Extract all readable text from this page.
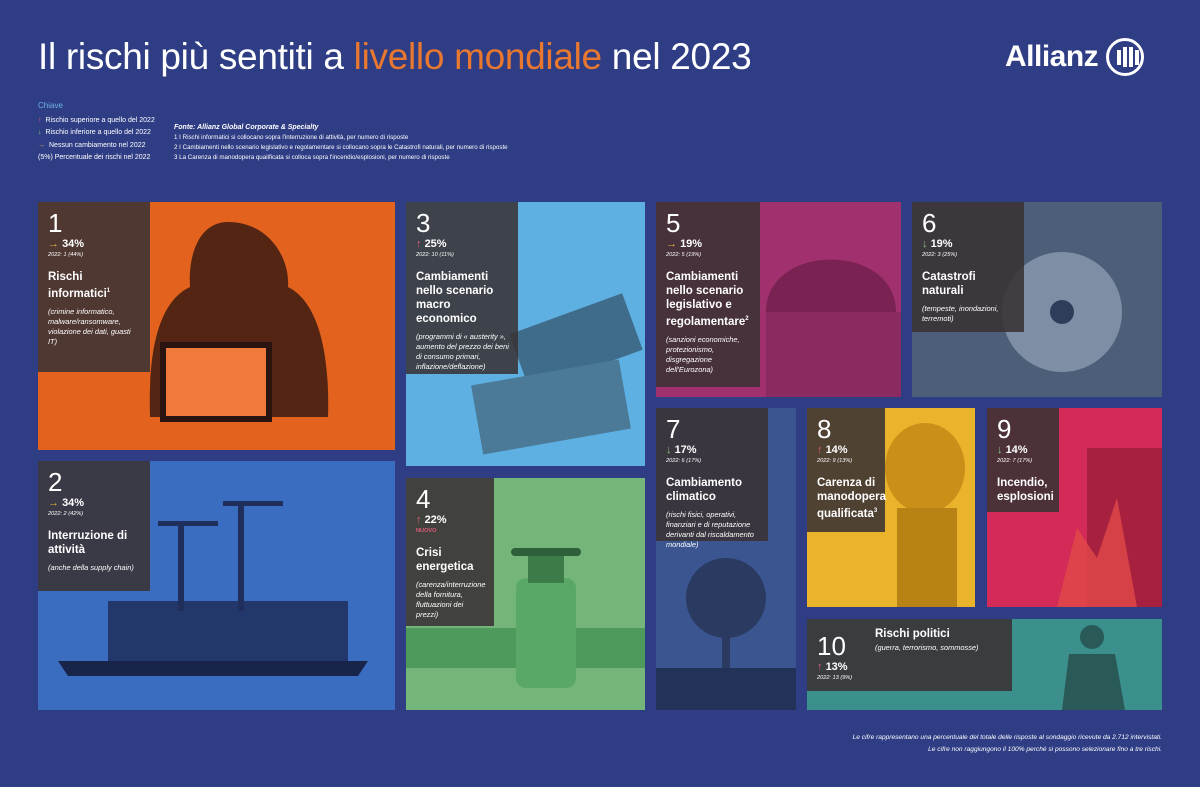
Il rischi più sentiti a livello mondiale nel 2023	Allianz
Chiave
↑ Rischio superiore a quello del 2022
↓ Rischio inferiore a quello del 2022
→ Nessun cambiamento nel 2022
(5%) Percentuale dei rischi nel 2022
Fonte: Allianz Global Corporate & Specialty
1 I Rischi informatici si collocano sopra l'interruzione di attività, per numero di risposte
2 I Cambiamenti nello scenario legislativo e regolamentare si collocano sopra le Catastrofi naturali, per numero di risposte
3 La Carenza di manodopera qualificata si colloca sopra l'incendio/esplosioni, per numero di risposte
1
→ 34%
2022: 1 (44%)
Rischi informatici$^1$
(crimine informatico, malware/ransomware, violazione dei dati, guasti IT)
2
→ 34%
2022: 2 (42%)
Interruzione di attività
(anche della supply chain)
3
↑ 25%
2022: 10 (11%)
Cambiamenti nello scenario macro economico
(programmi di « austerity », aumento del prezzo dei beni di consumo primari, inflazione/deflazione)
4
↑ 22%
NUOVO
Crisi energetica
(carenza/interruzione della fornitura, fluttuazioni dei prezzi)
5
→ 19%
2022: 5 (19%)
Cambiamenti nello scenario legislativo e regolamentare$^2$
(sanzioni economiche, protezionismo, disgregazione dell'Eurozona)
6
↓ 19%
2022: 3 (25%)
Catastrofi naturali
(tempeste, inondazioni, terremoti)
7
↓ 17%
2022: 6 (17%)
Cambiamento climatico
(rischi fisici, operativi, finanziari e di reputazione derivanti dal riscaldamento mondiale)
8
↑ 14%
2022: 9 (13%)
Carenza di manodopera qualificata$^3$
9
↓ 14%
2022: 7 (17%)
Incendio, esplosioni
10
↑ 13%
2022: 13 (9%)
Rischi politici
(guerra, terrorismo, sommosse)
Le cifre rappresentano una percentuale del totale delle risposte al sondaggio ricevute da 2.712 intervistati.
Le cifre non raggiungono il 100% perché si possono selezionare fino a tre rischi.
